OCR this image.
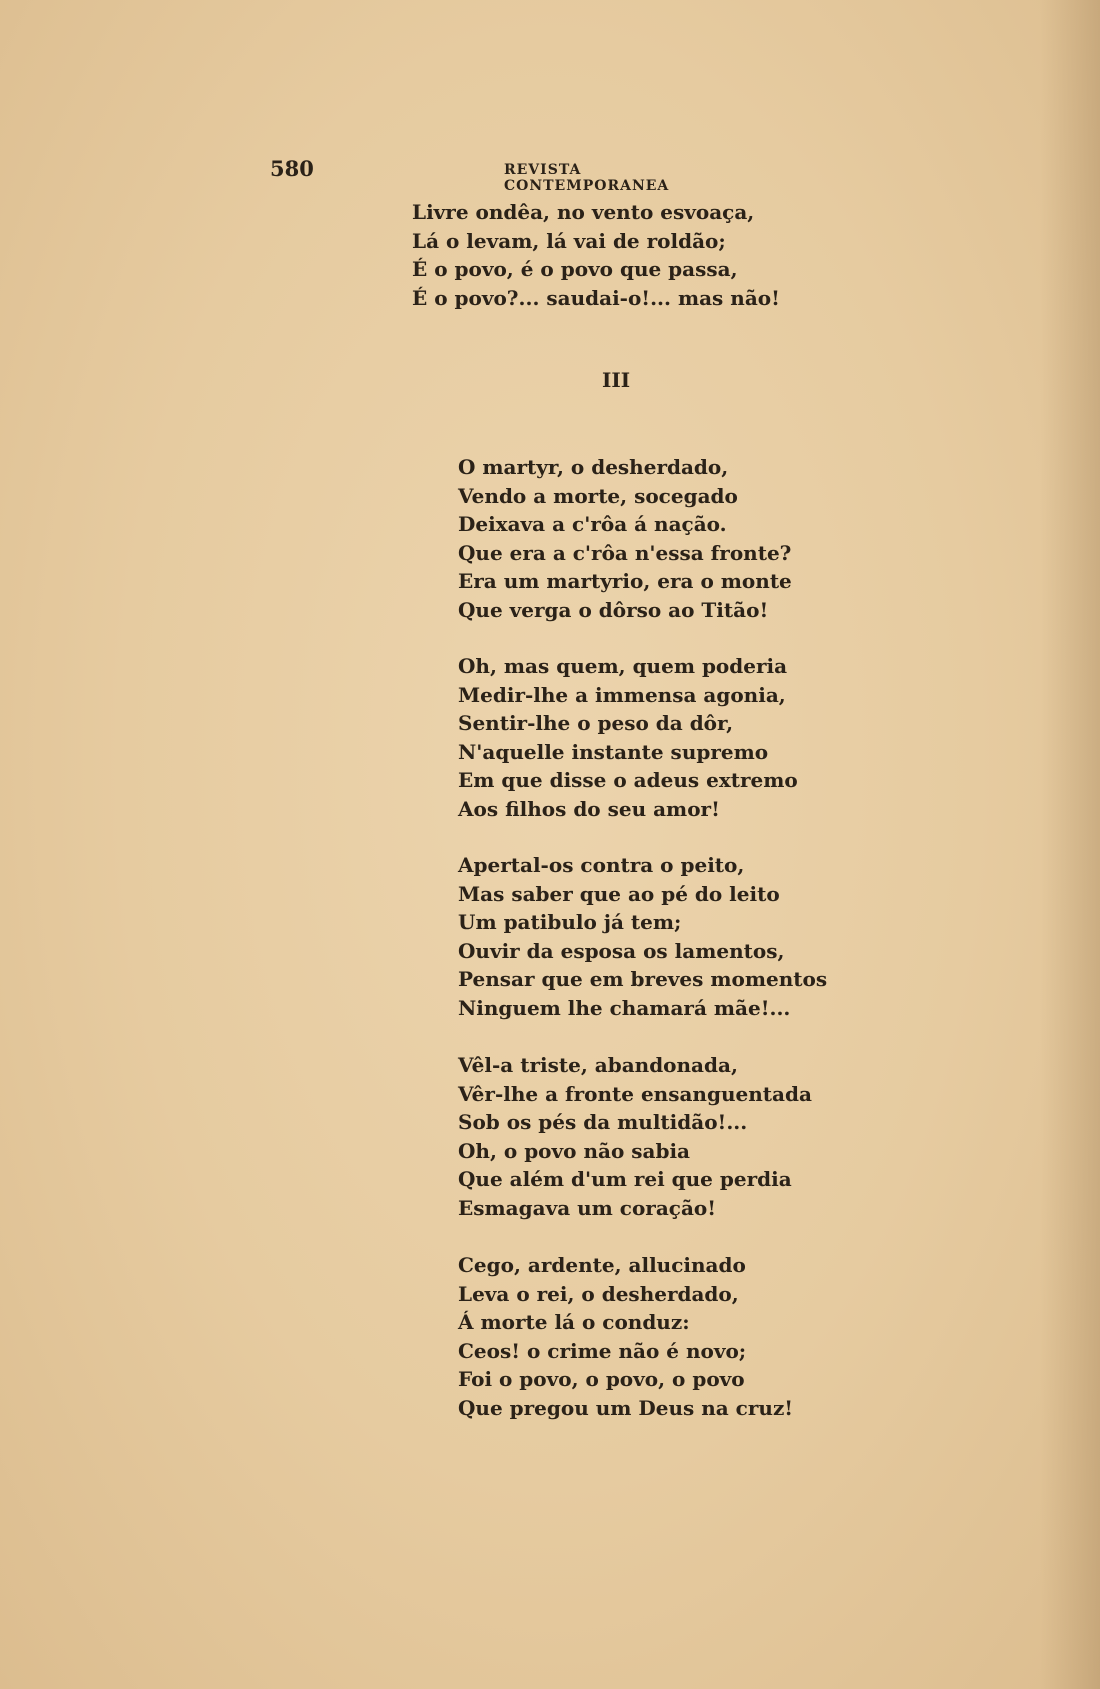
580	REVISTA CONTEMPORANEA
Livre ondêa, no vento esvoaça,
Lá o levam, lá vai de roldão;
É o povo, é o povo que passa,
É o povo?... saudai-o!... mas não!
III
O martyr, o desherdado,
Vendo a morte, socegado
Deixava a c'rôa á nação.
Que era a c'rôa n'essa fronte?
Era um martyrio, era o monte
Que verga o dôrso ao Titão!
Oh, mas quem, quem poderia
Medir-lhe a immensa agonia,
Sentir-lhe o peso da dôr,
N'aquelle instante supremo
Em que disse o adeus extremo
Aos filhos do seu amor!
Apertal-os contra o peito,
Mas saber que ao pé do leito
Um patibulo já tem;
Ouvir da esposa os lamentos,
Pensar que em breves momentos
Ninguem lhe chamará mãe!...
Vêl-a triste, abandonada,
Vêr-lhe a fronte ensanguentada
Sob os pés da multidão!...
Oh, o povo não sabia
Que além d'um rei que perdia
Esmagava um coração!
Cego, ardente, allucinado
Leva o rei, o desherdado,
Á morte lá o conduz:
Ceos! o crime não é novo;
Foi o povo, o povo, o povo
Que pregou um Deus na cruz!
